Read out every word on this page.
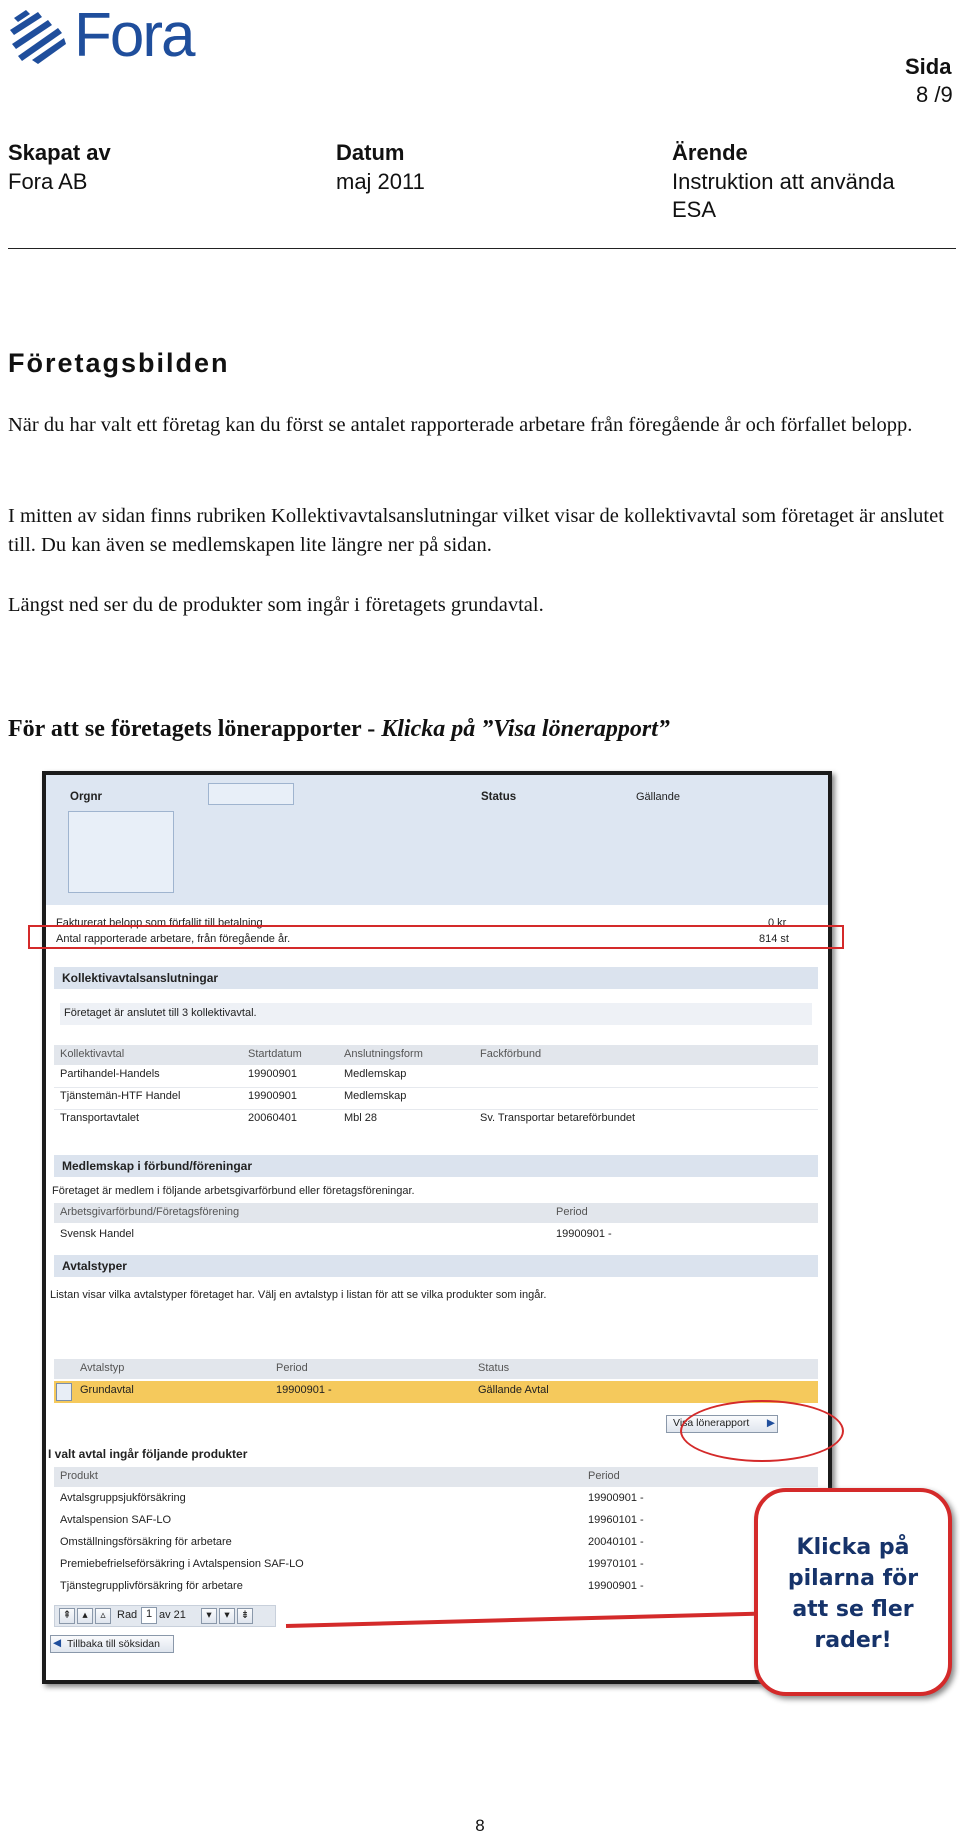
Fora	Sida
8 /9
Skapat av
Fora AB
Datum
maj 2011
Ärende
Instruktion att använda
ESA
Företagsbilden

När du har valt ett företag kan du först se antalet rapporterade arbetare från föregående år och förfallet belopp.

I mitten av sidan finns rubriken Kollektivavtalsanslutningar vilket visar de kollektivavtal som företaget är anslutet till. Du kan även se medlemskapen lite längre ner på sidan.

Längst ned ser du de produkter som ingår i företagets grundavtal.

För att se företagets lönerapporter - Klicka på ”Visa lönerapport”
Orgnr	Status	Gällande
Fakturerat belopp som förfallit till betalning	0 kr
Antal rapporterade arbetare, från föregående år.	814 st
Kollektivavtalsanslutningar
Företaget är anslutet till 3 kollektivavtal.
Kollektivavtal	Startdatum	Anslutningsform	Fackförbund
Partihandel-Handels	19900901	Medlemskap
Tjänstemän-HTF Handel	19900901	Medlemskap
Transportavtalet	20060401	Mbl 28	Sv. Transportar betareförbundet
Medlemskap i förbund/föreningar
Företaget är medlem i följande arbetsgivarförbund eller företagsföreningar.
Arbetsgivarförbund/Företagsförening	Period
Svensk Handel	19900901 -
Avtalstyper
Listan visar vilka avtalstyper företaget har. Välj en avtalstyp i listan för att se vilka produkter som ingår.
Avtalstyp	Period	Status
Grundavtal	19900901 -	Gällande Avtal
Visa lönerapport ▶
I valt avtal ingår följande produkter
Produkt	Period
Avtalsgruppsjukförsäkring	19900901 -
Avtalspension SAF-LO	19960101 -
Omställningsförsäkring för arbetare	20040101 -
Premiebefrielseförsäkring i Avtalspension SAF-LO	19970101 -
Tjänstegrupplivförsäkring för arbetare	19900901 -
⇞	▴	▵	Rad 1 av 21	▾	▾	⇟
◀ Tillbaka till söksidan
Klicka på
pilarna för
att se fler
rader!
8
